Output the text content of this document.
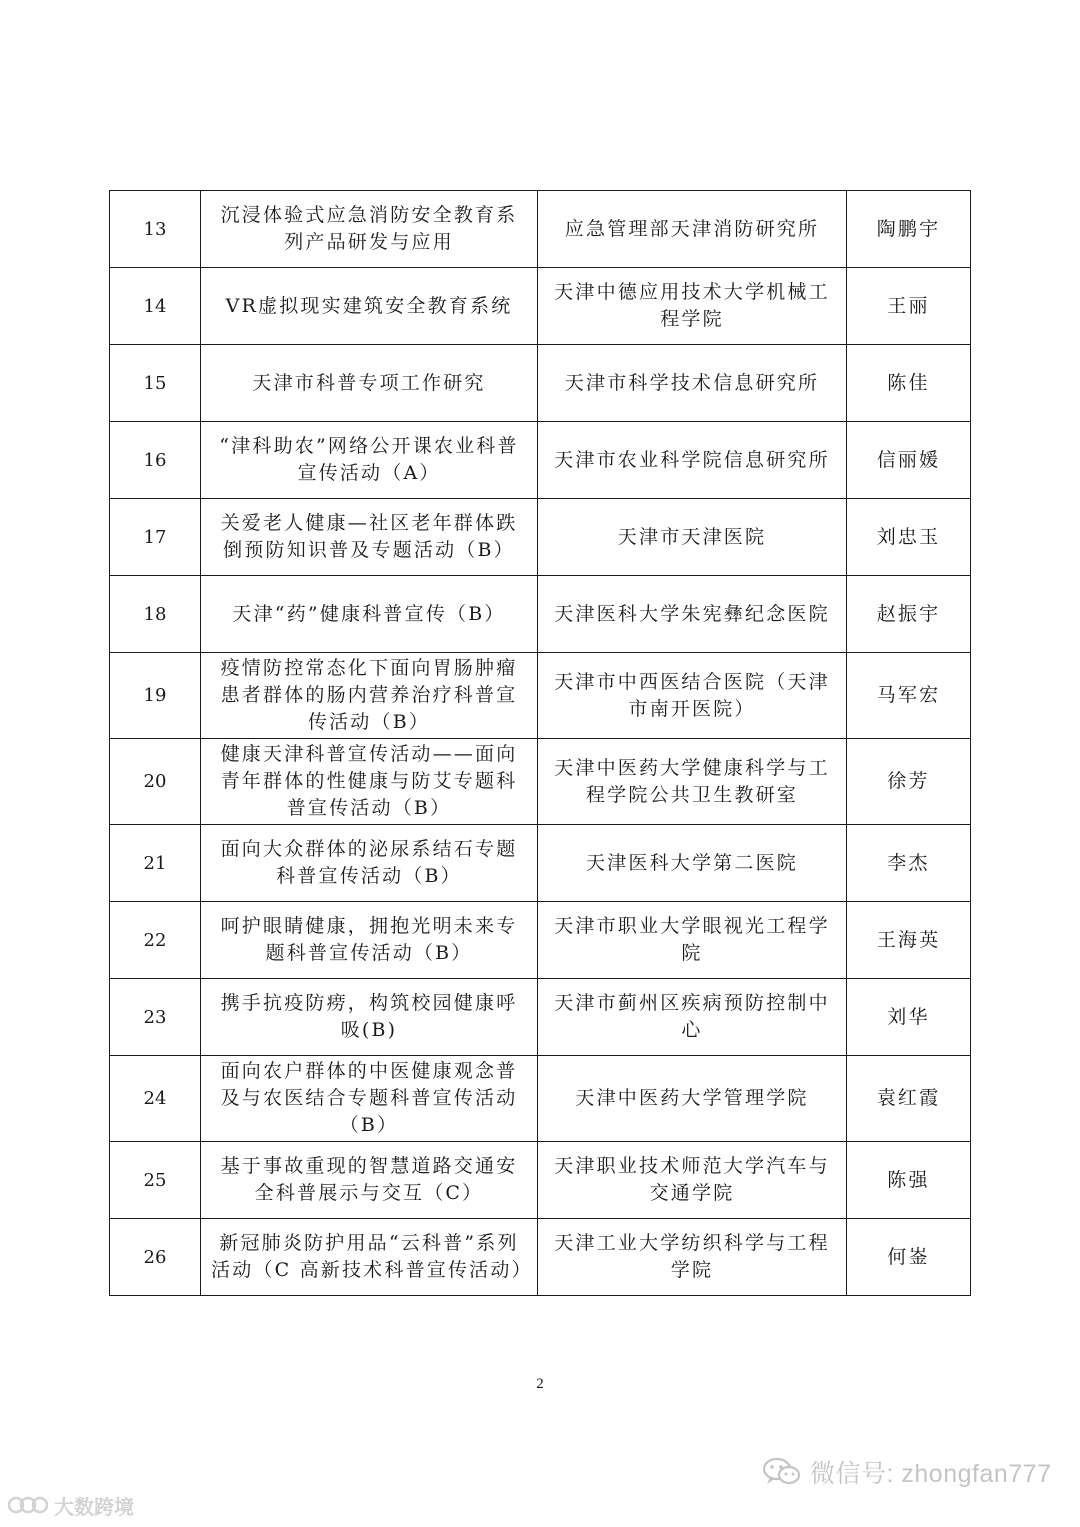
13	沉浸体验式应急消防安全教育系列产品研发与应用	应急管理部天津消防研究所	陶鹏宇
14	VR虚拟现实建筑安全教育系统	天津中德应用技术大学机械工程学院	王丽
15	天津市科普专项工作研究	天津市科学技术信息研究所	陈佳
16	“津科助农”网络公开课农业科普宣传活动（A）	天津市农业科学院信息研究所	信丽媛
17	关爱老人健康—社区老年群体跌倒预防知识普及专题活动（B）	天津市天津医院	刘忠玉
18	天津“药”健康科普宣传（B）	天津医科大学朱宪彝纪念医院	赵振宇
19	疫情防控常态化下面向胃肠肿瘤患者群体的肠内营养治疗科普宣传活动（B）	天津市中西医结合医院（天津市南开医院）	马军宏
20	健康天津科普宣传活动——面向青年群体的性健康与防艾专题科普宣传活动（B）	天津中医药大学健康科学与工程学院公共卫生教研室	徐芳
21	面向大众群体的泌尿系结石专题科普宣传活动（B）	天津医科大学第二医院	李杰
22	呵护眼睛健康，拥抱光明未来专题科普宣传活动（B）	天津市职业大学眼视光工程学院	王海英
23	携手抗疫防痨，构筑校园健康呼吸(B)	天津市蓟州区疾病预防控制中心	刘华
24	面向农户群体的中医健康观念普及与农医结合专题科普宣传活动（B）	天津中医药大学管理学院	袁红霞
25	基于事故重现的智慧道路交通安全科普展示与交互（C）	天津职业技术师范大学汽车与交通学院	陈强
26	新冠肺炎防护用品“云科普”系列活动（C 高新技术科普宣传活动）	天津工业大学纺织科学与工程学院	何崟
2
微信号: zhongfan777
大数跨境
